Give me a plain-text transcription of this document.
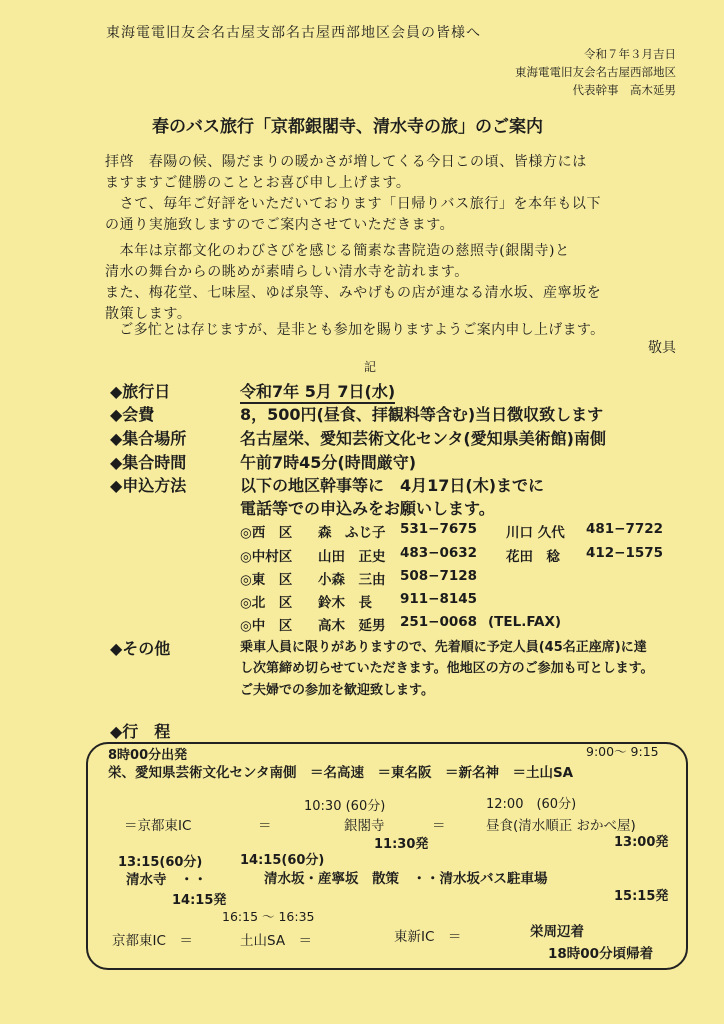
東海電電旧友会名古屋支部名古屋西部地区会員の皆様へ
令和７年３月吉日
東海電電旧友会名古屋西部地区
代表幹事　高木延男
春のバス旅行「京都銀閣寺、清水寺の旅」のご案内
拝啓　春陽の候、陽だまりの暖かさが増してくる今日この頃、皆様方には
ますますご健勝のこととお喜び申し上げます。
　さて、毎年ご好評をいただいております「日帰りバス旅行」を本年も以下
の通り実施致しますのでご案内させていただきます。
　本年は京都文化のわびさびを感じる簡素な書院造の慈照寺(銀閣寺)と
清水の舞台からの眺めが素晴らしい清水寺を訪れます。
また、梅花堂、七味屋、ゆば泉等、みやげもの店が連なる清水坂、産寧坂を
散策します。
　ご多忙とは存じますが、是非とも参加を賜りますようご案内申し上げます。
敬具
記
◆旅行日	令和7年 5月 7日(水)
◆会費	8，500円(昼食、拝観料等含む)当日徴収致します
◆集合場所	名古屋栄、愛知芸術文化センタ(愛知県美術館)南側
◆集合時間	午前7時45分(時間厳守)
◆申込方法	以下の地区幹事等に　4月17日(木)までに
電話等での申込みをお願いします。
◎西　区 森　ふじ子 531−7675 川口 久代 481−7722
◎中村区 山田　正史 483−0632 花田　稔 412−1575
◎東　区 小森　三由 508−7128
◎北　区 鈴木　長 911−8145
◎中　区 高木　延男 251−0068 (TEL.FAX)
◆その他	乗車人員に限りがありますので、先着順に予定人員(45名正座席)に達
し次第締め切らせていただきます。他地区の方のご参加も可とします。
ご夫婦での参加を歓迎致します。
◆行　程
8時00分出発	9:00〜 9:15
栄、愛知県芸術文化センタ南側　＝名高速　＝東名阪　＝新名神　＝土山SA
10:30 (60分)	12:00　(60分)
＝京都東IC	＝	銀閣寺	＝	昼食(清水順正 おかべ屋)
11:30発	13:00発
13:15(60分)	14:15(60分)
清水寺　・・	清水坂・産寧坂　散策　・・清水坂バス駐車場
14:15発	15:15発
16:15 〜 16:35
京都東IC　＝	土山SA　＝	東新IC　＝	栄周辺着
18時00分頃帰着
